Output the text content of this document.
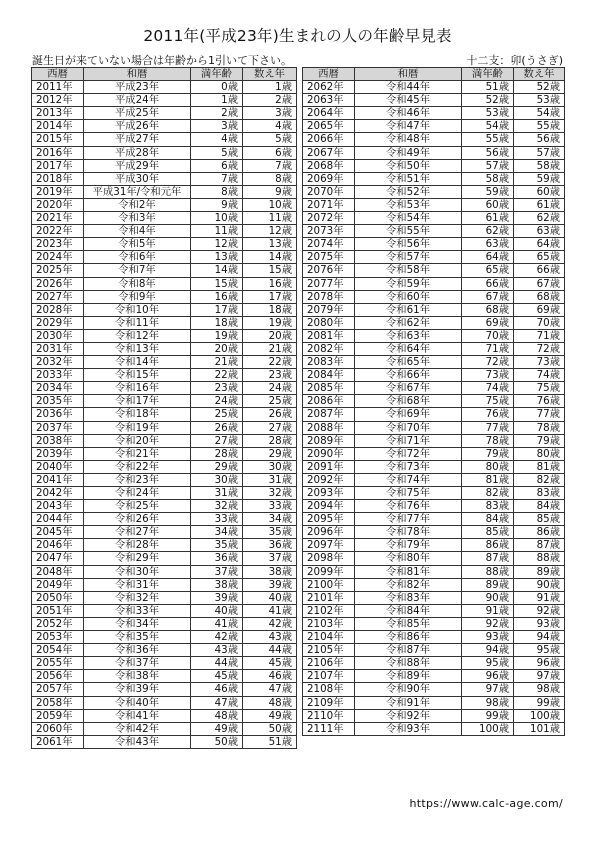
2011年(平成23年)生まれの人の年齢早見表
誕生日が来ていない場合は年齢から1引いて下さい。	十二支：卯(うさぎ)
西暦	和暦	満年齢	数え年
2011年	平成23年	0歳	1歳
2012年	平成24年	1歳	2歳
2013年	平成25年	2歳	3歳
2014年	平成26年	3歳	4歳
2015年	平成27年	4歳	5歳
2016年	平成28年	5歳	6歳
2017年	平成29年	6歳	7歳
2018年	平成30年	7歳	8歳
2019年	平成31年/令和元年	8歳	9歳
2020年	令和2年	9歳	10歳
2021年	令和3年	10歳	11歳
2022年	令和4年	11歳	12歳
2023年	令和5年	12歳	13歳
2024年	令和6年	13歳	14歳
2025年	令和7年	14歳	15歳
2026年	令和8年	15歳	16歳
2027年	令和9年	16歳	17歳
2028年	令和10年	17歳	18歳
2029年	令和11年	18歳	19歳
2030年	令和12年	19歳	20歳
2031年	令和13年	20歳	21歳
2032年	令和14年	21歳	22歳
2033年	令和15年	22歳	23歳
2034年	令和16年	23歳	24歳
2035年	令和17年	24歳	25歳
2036年	令和18年	25歳	26歳
2037年	令和19年	26歳	27歳
2038年	令和20年	27歳	28歳
2039年	令和21年	28歳	29歳
2040年	令和22年	29歳	30歳
2041年	令和23年	30歳	31歳
2042年	令和24年	31歳	32歳
2043年	令和25年	32歳	33歳
2044年	令和26年	33歳	34歳
2045年	令和27年	34歳	35歳
2046年	令和28年	35歳	36歳
2047年	令和29年	36歳	37歳
2048年	令和30年	37歳	38歳
2049年	令和31年	38歳	39歳
2050年	令和32年	39歳	40歳
2051年	令和33年	40歳	41歳
2052年	令和34年	41歳	42歳
2053年	令和35年	42歳	43歳
2054年	令和36年	43歳	44歳
2055年	令和37年	44歳	45歳
2056年	令和38年	45歳	46歳
2057年	令和39年	46歳	47歳
2058年	令和40年	47歳	48歳
2059年	令和41年	48歳	49歳
2060年	令和42年	49歳	50歳
2061年	令和43年	50歳	51歳
西暦	和暦	満年齢	数え年
2062年	令和44年	51歳	52歳
2063年	令和45年	52歳	53歳
2064年	令和46年	53歳	54歳
2065年	令和47年	54歳	55歳
2066年	令和48年	55歳	56歳
2067年	令和49年	56歳	57歳
2068年	令和50年	57歳	58歳
2069年	令和51年	58歳	59歳
2070年	令和52年	59歳	60歳
2071年	令和53年	60歳	61歳
2072年	令和54年	61歳	62歳
2073年	令和55年	62歳	63歳
2074年	令和56年	63歳	64歳
2075年	令和57年	64歳	65歳
2076年	令和58年	65歳	66歳
2077年	令和59年	66歳	67歳
2078年	令和60年	67歳	68歳
2079年	令和61年	68歳	69歳
2080年	令和62年	69歳	70歳
2081年	令和63年	70歳	71歳
2082年	令和64年	71歳	72歳
2083年	令和65年	72歳	73歳
2084年	令和66年	73歳	74歳
2085年	令和67年	74歳	75歳
2086年	令和68年	75歳	76歳
2087年	令和69年	76歳	77歳
2088年	令和70年	77歳	78歳
2089年	令和71年	78歳	79歳
2090年	令和72年	79歳	80歳
2091年	令和73年	80歳	81歳
2092年	令和74年	81歳	82歳
2093年	令和75年	82歳	83歳
2094年	令和76年	83歳	84歳
2095年	令和77年	84歳	85歳
2096年	令和78年	85歳	86歳
2097年	令和79年	86歳	87歳
2098年	令和80年	87歳	88歳
2099年	令和81年	88歳	89歳
2100年	令和82年	89歳	90歳
2101年	令和83年	90歳	91歳
2102年	令和84年	91歳	92歳
2103年	令和85年	92歳	93歳
2104年	令和86年	93歳	94歳
2105年	令和87年	94歳	95歳
2106年	令和88年	95歳	96歳
2107年	令和89年	96歳	97歳
2108年	令和90年	97歳	98歳
2109年	令和91年	98歳	99歳
2110年	令和92年	99歳	100歳
2111年	令和93年	100歳	101歳
https://www.calc-age.com/
